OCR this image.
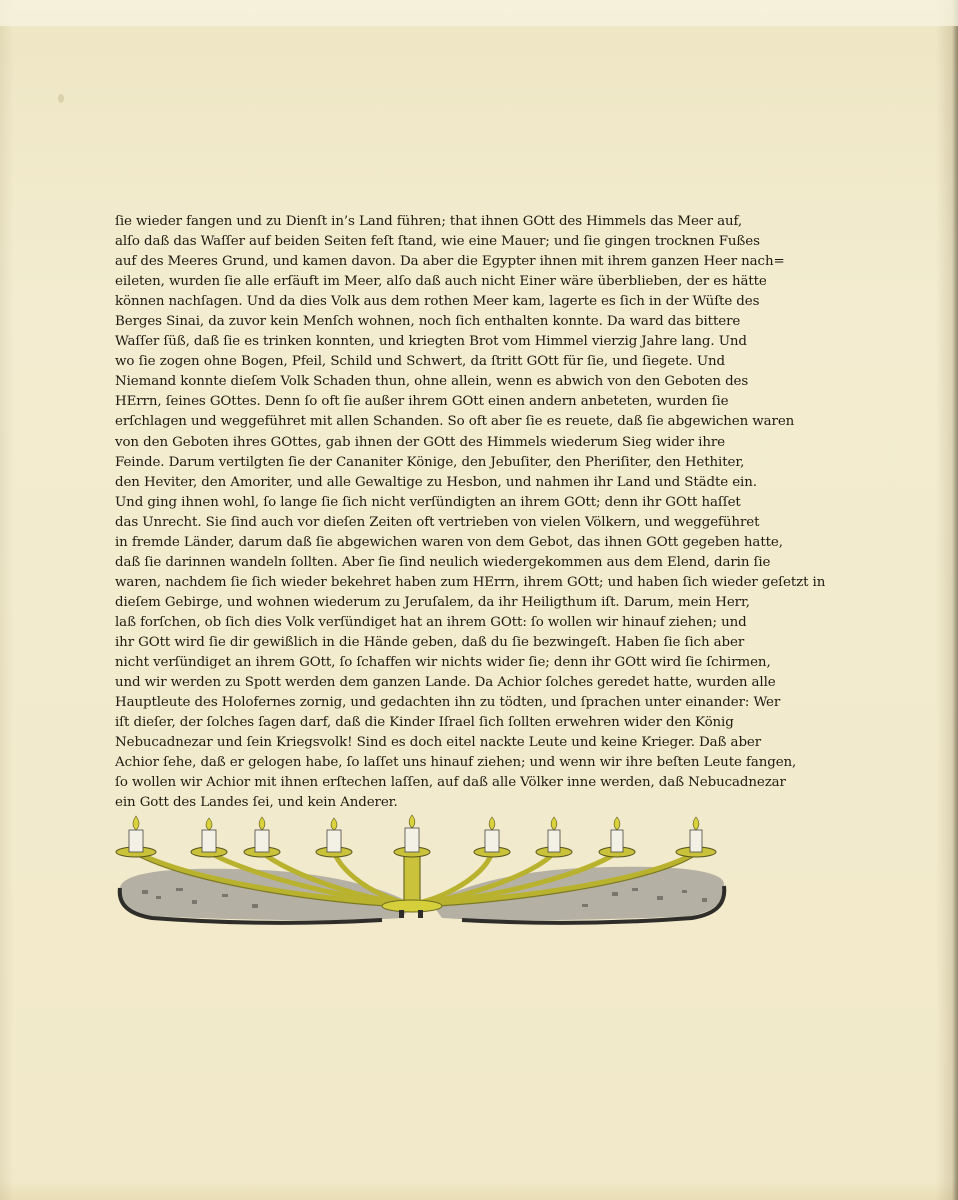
ſie wieder fangen und zu Dienſt in’s Land führen; that ihnen GOtt des Himmels das Meer auf,
alſo daß das Waſſer auf beiden Seiten feſt ſtand, wie eine Mauer; und ſie gingen trocknen Fußes
auf des Meeres Grund, und kamen davon. Da aber die Egypter ihnen mit ihrem ganzen Heer nach=
eileten, wurden ſie alle erſäuft im Meer, alſo daß auch nicht Einer wäre überblieben, der es hätte
können nachſagen. Und da dies Volk aus dem rothen Meer kam, lagerte es ſich in der Wüſte des
Berges Sinai, da zuvor kein Menſch wohnen, noch ſich enthalten konnte. Da ward das bittere
Waſſer ſüß, daß ſie es trinken konnten, und kriegten Brot vom Himmel vierzig Jahre lang. Und
wo ſie zogen ohne Bogen, Pfeil, Schild und Schwert, da ſtritt GOtt für ſie, und ſiegete. Und
Niemand konnte dieſem Volk Schaden thun, ohne allein, wenn es abwich von den Geboten des
HErrn, ſeines GOttes. Denn ſo oft ſie außer ihrem GOtt einen andern anbeteten, wurden ſie
erſchlagen und weggeführet mit allen Schanden. So oft aber ſie es reuete, daß ſie abgewichen waren
von den Geboten ihres GOttes, gab ihnen der GOtt des Himmels wiederum Sieg wider ihre
Feinde. Darum vertilgten ſie der Cananiter Könige, den Jebuſiter, den Pheriſiter, den Hethiter,
den Heviter, den Amoriter, und alle Gewaltige zu Hesbon, und nahmen ihr Land und Städte ein.
Und ging ihnen wohl, ſo lange ſie ſich nicht verſündigten an ihrem GOtt; denn ihr GOtt haſſet
das Unrecht. Sie ſind auch vor dieſen Zeiten oft vertrieben von vielen Völkern, und weggeführet
in fremde Länder, darum daß ſie abgewichen waren von dem Gebot, das ihnen GOtt gegeben hatte,
daß ſie darinnen wandeln ſollten. Aber ſie ſind neulich wiedergekommen aus dem Elend, darin ſie
waren, nachdem ſie ſich wieder bekehret haben zum HErrn, ihrem GOtt; und haben ſich wieder geſetzt in
dieſem Gebirge, und wohnen wiederum zu Jeruſalem, da ihr Heiligthum iſt. Darum, mein Herr,
laß forſchen, ob ſich dies Volk verſündiget hat an ihrem GOtt: ſo wollen wir hinauf ziehen; und
ihr GOtt wird ſie dir gewißlich in die Hände geben, daß du ſie bezwingeſt. Haben ſie ſich aber
nicht verſündiget an ihrem GOtt, ſo ſchaffen wir nichts wider ſie; denn ihr GOtt wird ſie ſchirmen,
und wir werden zu Spott werden dem ganzen Lande. Da Achior ſolches geredet hatte, wurden alle
Hauptleute des Holofernes zornig, und gedachten ihn zu tödten, und ſprachen unter einander: Wer
iſt dieſer, der ſolches ſagen darf, daß die Kinder Iſrael ſich ſollten erwehren wider den König
Nebucadnezar und ſein Kriegsvolk! Sind es doch eitel nackte Leute und keine Krieger. Daß aber
Achior ſehe, daß er gelogen habe, ſo laſſet uns hinauf ziehen; und wenn wir ihre beſten Leute fangen,
ſo wollen wir Achior mit ihnen erſtechen laſſen, auf daß alle Völker inne werden, daß Nebucadnezar
ein Gott des Landes ſei, und kein Anderer.
